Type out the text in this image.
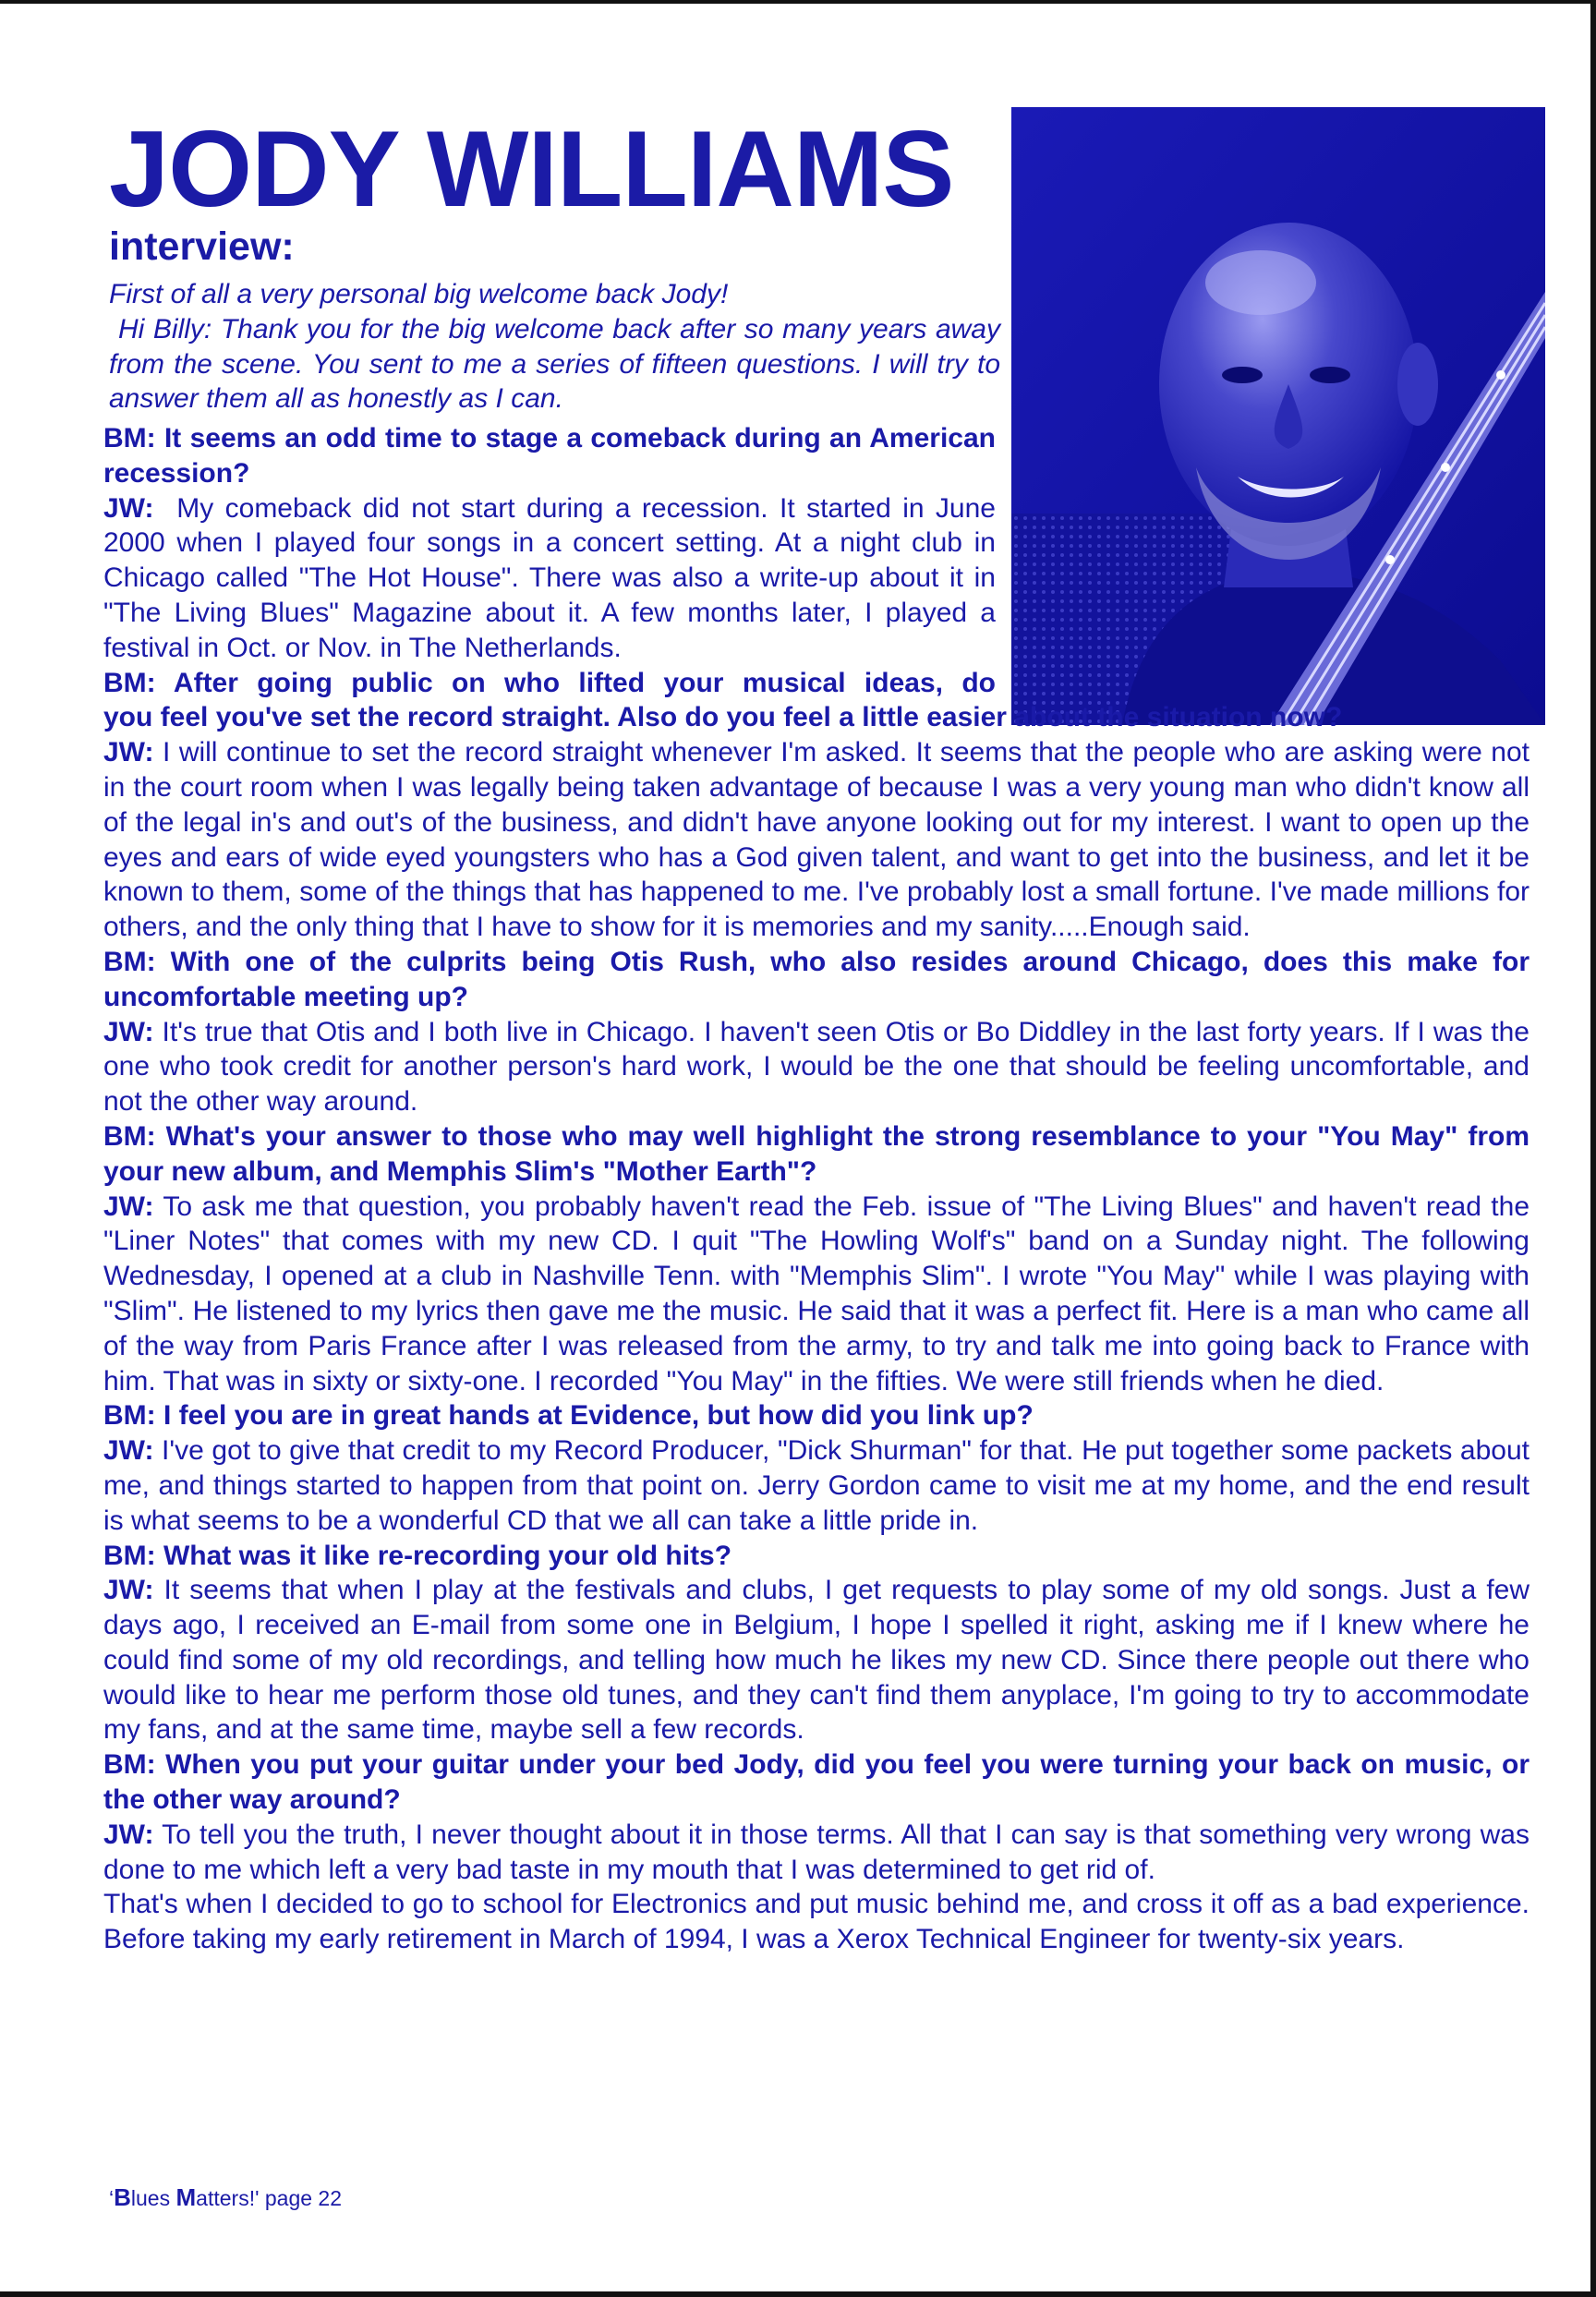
JODY WILLIAMS
interview:

First of all a very personal big welcome back Jody!

Hi Billy: Thank you for the big welcome back after so many years away from the scene. You sent to me a series of fifteen questions. I will try to answer them all as honestly as I can.

BM: It seems an odd time to stage a comeback during an American recession?

JW: My comeback did not start during a recession. It started in June 2000 when I played four songs in a concert setting. At a night club in Chicago called "The Hot House". There was also a write-up about it in "The Living Blues" Magazine about it. A few months later, I played a festival in Oct. or Nov. in The Netherlands.

BM: After going public on who lifted your musical ideas, do

you feel you've set the record straight. Also do you feel a little easier about the situation now?

JW: I will continue to set the record straight whenever I'm asked. It seems that the people who are asking were not in the court room when I was legally being taken advantage of because I was a very young man who didn't know all of the legal in's and out's of the business, and didn't have anyone looking out for my interest. I want to open up the eyes and ears of wide eyed youngsters who has a God given talent, and want to get into the business, and let it be known to them, some of the things that has happened to me. I've probably lost a small fortune. I've made millions for others, and the only thing that I have to show for it is memories and my sanity.....Enough said.

BM: With one of the culprits being Otis Rush, who also resides around Chicago, does this make for uncomfortable meeting up?

JW: It's true that Otis and I both live in Chicago. I haven't seen Otis or Bo Diddley in the last forty years. If I was the one who took credit for another person's hard work, I would be the one that should be feeling uncomfortable, and not the other way around.

BM: What's your answer to those who may well highlight the strong resemblance to your "You May" from your new album, and Memphis Slim's "Mother Earth"?

JW: To ask me that question, you probably haven't read the Feb. issue of "The Living Blues" and haven't read the "Liner Notes" that comes with my new CD. I quit "The Howling Wolf's" band on a Sunday night. The following Wednesday, I opened at a club in Nashville Tenn. with "Memphis Slim". I wrote "You May" while I was playing with "Slim". He listened to my lyrics then gave me the music. He said that it was a perfect fit. Here is a man who came all of the way from Paris France after I was released from the army, to try and talk me into going back to France with him. That was in sixty or sixty-one. I recorded "You May" in the fifties. We were still friends when he died.

BM: I feel you are in great hands at Evidence, but how did you link up?

JW: I've got to give that credit to my Record Producer, "Dick Shurman" for that. He put together some packets about me, and things started to happen from that point on. Jerry Gordon came to visit me at my home, and the end result is what seems to be a wonderful CD that we all can take a little pride in.

BM: What was it like re-recording your old hits?

JW: It seems that when I play at the festivals and clubs, I get requests to play some of my old songs. Just a few days ago, I received an E-mail from some one in Belgium, I hope I spelled it right, asking me if I knew where he could find some of my old recordings, and telling how much he likes my new CD. Since there people out there who would like to hear me perform those old tunes, and they can't find them anyplace, I'm going to try to accommodate my fans, and at the same time, maybe sell a few records.

BM: When you put your guitar under your bed Jody, did you feel you were turning your back on music, or the other way around?

JW: To tell you the truth, I never thought about it in those terms. All that I can say is that something very wrong was done to me which left a very bad taste in my mouth that I was determined to get rid of.

That's when I decided to go to school for Electronics and put music behind me, and cross it off as a bad experience. Before taking my early retirement in March of 1994, I was a Xerox Technical Engineer for twenty-six years.

‘Blues Matters!' page 22
